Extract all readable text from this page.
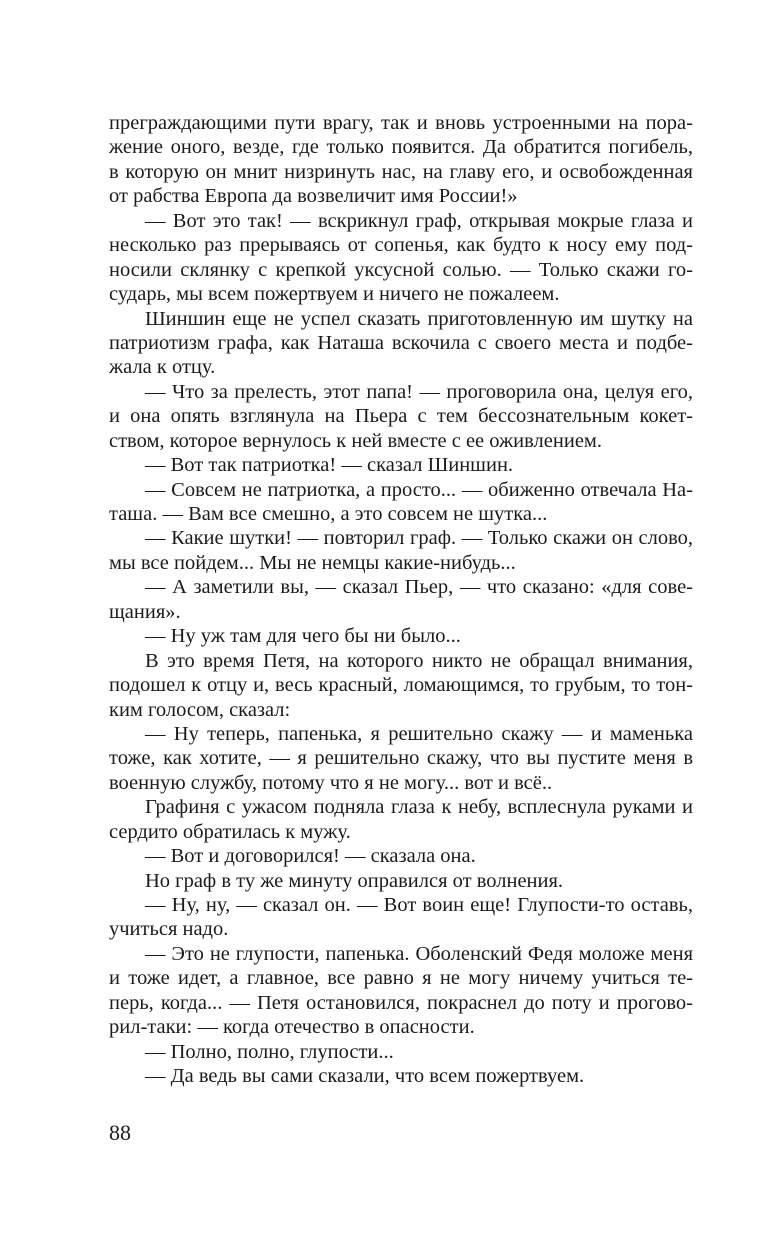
преграждающими пути врагу, так и вновь устроенными на пора-
жение оного, везде, где только появится. Да обратится погибель,
в которую он мнит низринуть нас, на главу его, и освобожденная
от рабства Европа да возвеличит имя России!»
— Вот это так! — вскрикнул граф, открывая мокрые глаза и
несколько раз прерываясь от сопенья, как будто к носу ему под-
носили склянку с крепкой уксусной солью. — Только скажи го-
сударь, мы всем пожертвуем и ничего не пожалеем.
Шиншин еще не успел сказать приготовленную им шутку на
патриотизм графа, как Наташа вскочила с своего места и подбе-
жала к отцу.
— Что за прелесть, этот папа! — проговорила она, целуя его,
и она опять взглянула на Пьера с тем бессознательным кокет-
ством, которое вернулось к ней вместе с ее оживлением.
— Вот так патриотка! — сказал Шиншин.
— Совсем не патриотка, а просто... — обиженно отвечала На-
таша. — Вам все смешно, а это совсем не шутка...
— Какие шутки! — повторил граф. — Только скажи он слово,
мы все пойдем... Мы не немцы какие-нибудь...
— А заметили вы, — сказал Пьер, — что сказано: «для сове-
щания».
— Ну уж там для чего бы ни было...
В это время Петя, на которого никто не обращал внимания,
подошел к отцу и, весь красный, ломающимся, то грубым, то тон-
ким голосом, сказал:
— Ну теперь, папенька, я решительно скажу — и маменька
тоже, как хотите, — я решительно скажу, что вы пустите меня в
военную службу, потому что я не могу... вот и всё..
Графиня с ужасом подняла глаза к небу, всплеснула руками и
сердито обратилась к мужу.
— Вот и договорился! — сказала она.
Но граф в ту же минуту оправился от волнения.
— Ну, ну, — сказал он. — Вот воин еще! Глупости-то оставь,
учиться надо.
— Это не глупости, папенька. Оболенский Федя моложе меня
и тоже идет, а главное, все равно я не могу ничему учиться те-
перь, когда... — Петя остановился, покраснел до поту и прогово-
рил-таки: — когда отечество в опасности.
— Полно, полно, глупости...
— Да ведь вы сами сказали, что всем пожертвуем.
88
